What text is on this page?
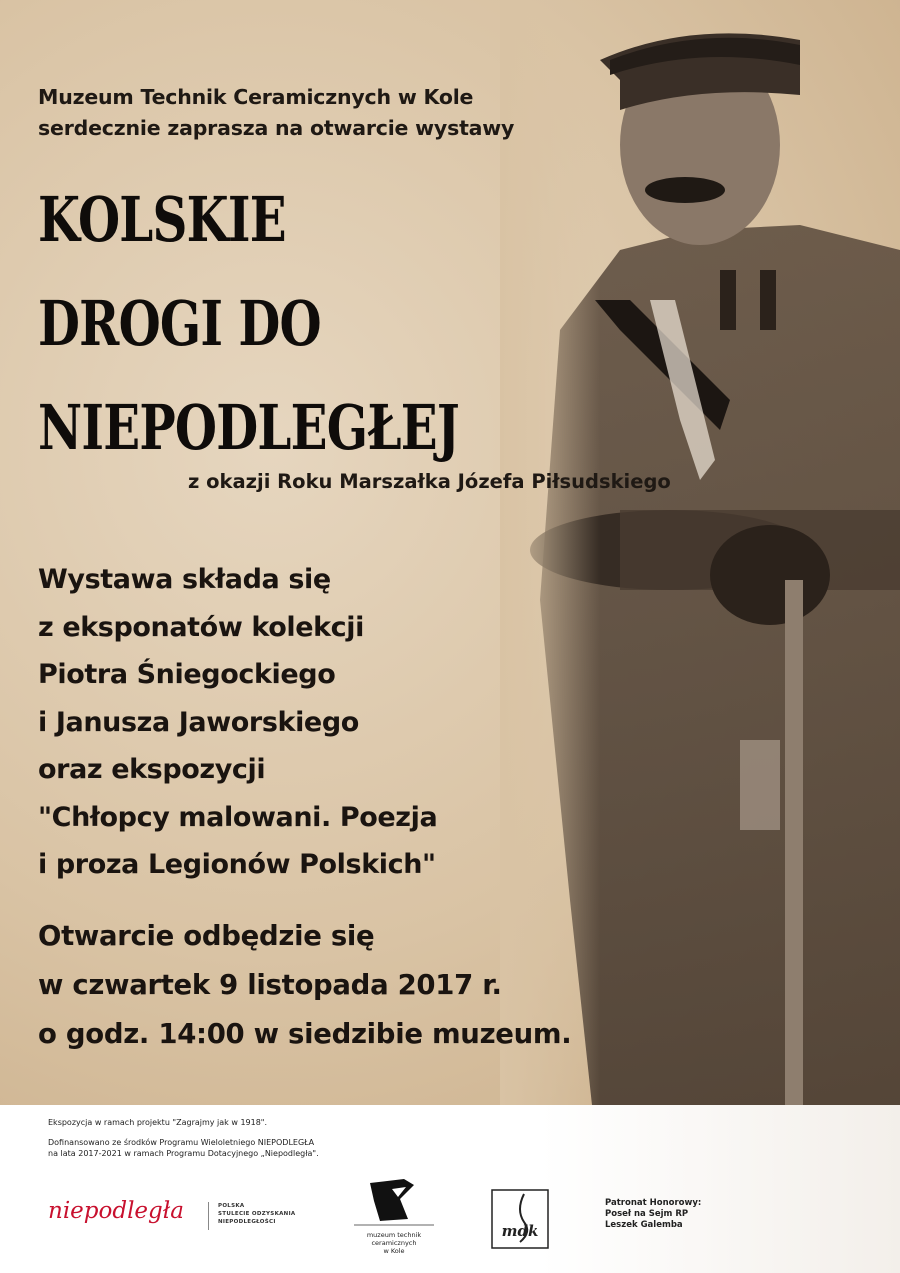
Muzeum Technik Ceramicznych w Kole
serdecznie zaprasza na otwarcie wystawy
KOLSKIE
DROGI DO
NIEPODLEGŁEJ
z okazji Roku Marszałka Józefa Piłsudskiego
Wystawa składa się
z eksponatów kolekcji
Piotra Śniegockiego
i Janusza Jaworskiego
oraz ekspozycji
"Chłopcy malowani. Poezja
i proza Legionów Polskich"
Otwarcie odbędzie się
w czwartek 9 listopada 2017 r.
o godz. 14:00 w siedzibie muzeum.
Ekspozycja w ramach projektu "Zagrajmy jak w 1918".
Dofinansowano ze środków Programu Wieloletniego NIEPODLEGŁA
na lata 2017-2021 w ramach Programu Dotacyjnego „Niepodległa".
niepodległa	POLSKA
STULECIE ODZYSKANIA
NIEPODLEGŁOŚCI
muzeum technik ceramicznych
w Kole
mdk
Patronat Honorowy:
Poseł na Sejm RP
Leszek Galemba
